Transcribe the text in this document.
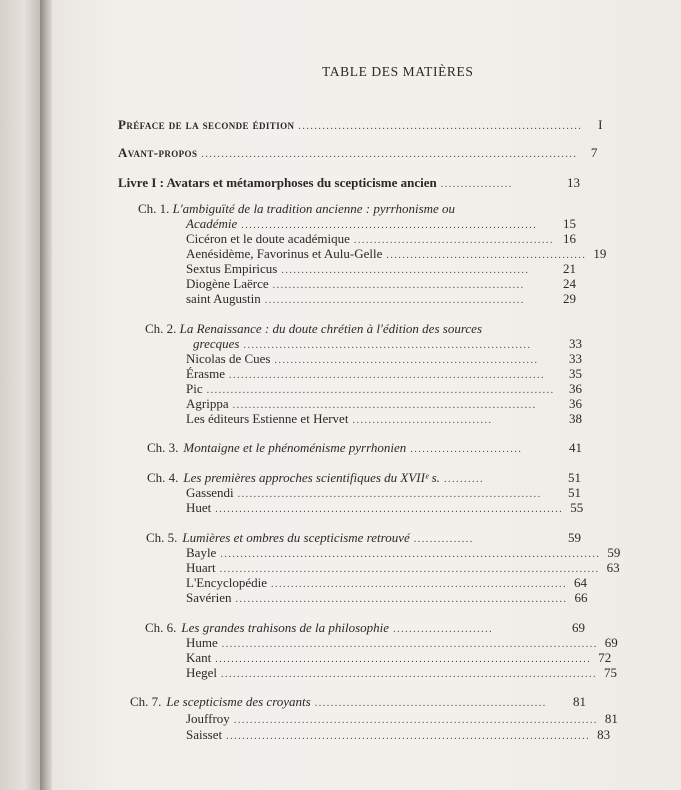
TABLE DES MATIÈRES
Préface de la seconde édition .......................................................................	I
Avant-propos ..............................................................................................	7
Livre I : Avatars et métamorphoses du scepticisme ancien ..................	13
Ch. 1. L'ambiguïté de la tradition ancienne : pyrrhonisme ou
Académie ..........................................................................	15
Cicéron et le doute académique .................................................. 16
Aenésidème, Favorinus et Aulu-Gelle .................................................. 19
Sextus Empiricus ..............................................................	21
Diogène Laërce ...............................................................	24
saint Augustin .................................................................	29
Ch. 2. La Renaissance : du doute chrétien à l'édition des sources
grecques ........................................................................	33
Nicolas de Cues ..................................................................	33
Érasme ...............................................................................	35
Pic .......................................................................................	36
Agrippa ............................................................................	36
Les éditeurs Estienne et Hervet ...................................	38
Ch. 3. Montaigne et le phénoménisme pyrrhonien ............................	41
Ch. 4. Les premières approches scientifiques du XVIIᵉ s. ..........	51
Gassendi ............................................................................	51
Huet ....................................................................................... 55
Ch. 5. Lumières et ombres du scepticisme retrouvé ...............	59
Bayle ............................................................................................... 59
Huart ............................................................................................... 63
L'Encyclopédie .......................................................................... 64
Savérien ................................................................................... 66
Ch. 6. Les grandes trahisons de la philosophie .........................	69
Hume .............................................................................................. 69
Kant .............................................................................................. 72
Hegel .............................................................................................. 75
Ch. 7. Le scepticisme des croyants ..........................................................	81
Jouffroy ........................................................................................... 81
Saisset ........................................................................................... 83
